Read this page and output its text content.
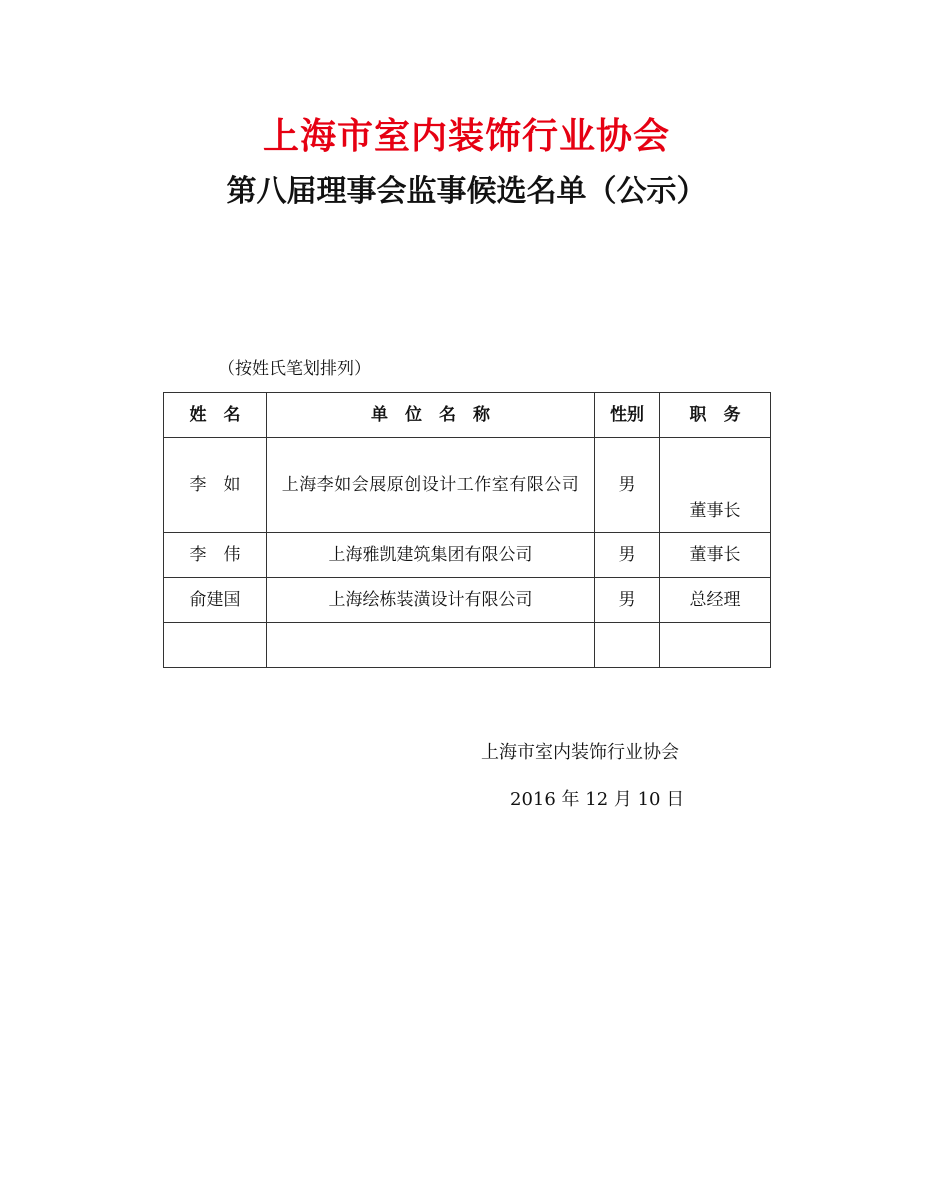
上海市室内装饰行业协会
第八届理事会监事候选名单（公示）
（按姓氏笔划排列）
姓　名	单　位　名　称	性别	职　务
李　如	上海李如会展原创设计工作室有限公司	男	董事长
李　伟	上海雅凯建筑集团有限公司	男	董事长
俞建国	上海绘栋装潢设计有限公司	男	总经理

上海市室内装饰行业协会
2016 年 12 月 10 日
